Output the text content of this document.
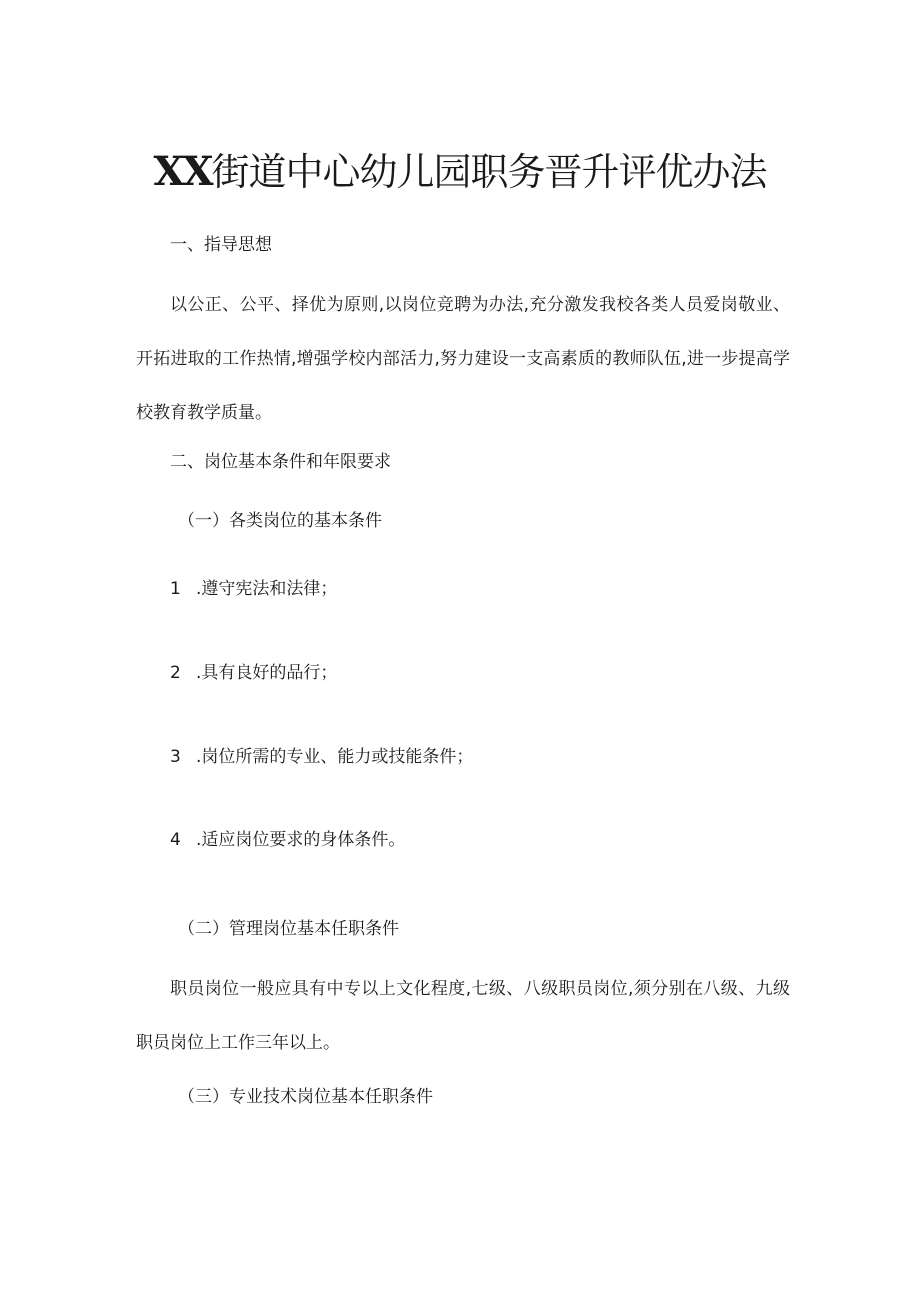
XX街道中心幼儿园职务晋升评优办法

一、指导思想

以公正、公平、择优为原则,以岗位竞聘为办法,充分激发我校各类人员爱岗敬业、开拓进取的工作热情,增强学校内部活力,努力建设一支高素质的教师队伍,进一步提高学校教育教学质量。

二、岗位基本条件和年限要求

（一）各类岗位的基本条件

1 .遵守宪法和法律；

2 .具有良好的品行；

3 .岗位所需的专业、能力或技能条件；

4 .适应岗位要求的身体条件。

（二）管理岗位基本任职条件

职员岗位一般应具有中专以上文化程度,七级、八级职员岗位,须分别在八级、九级职员岗位上工作三年以上。

（三）专业技术岗位基本任职条件
